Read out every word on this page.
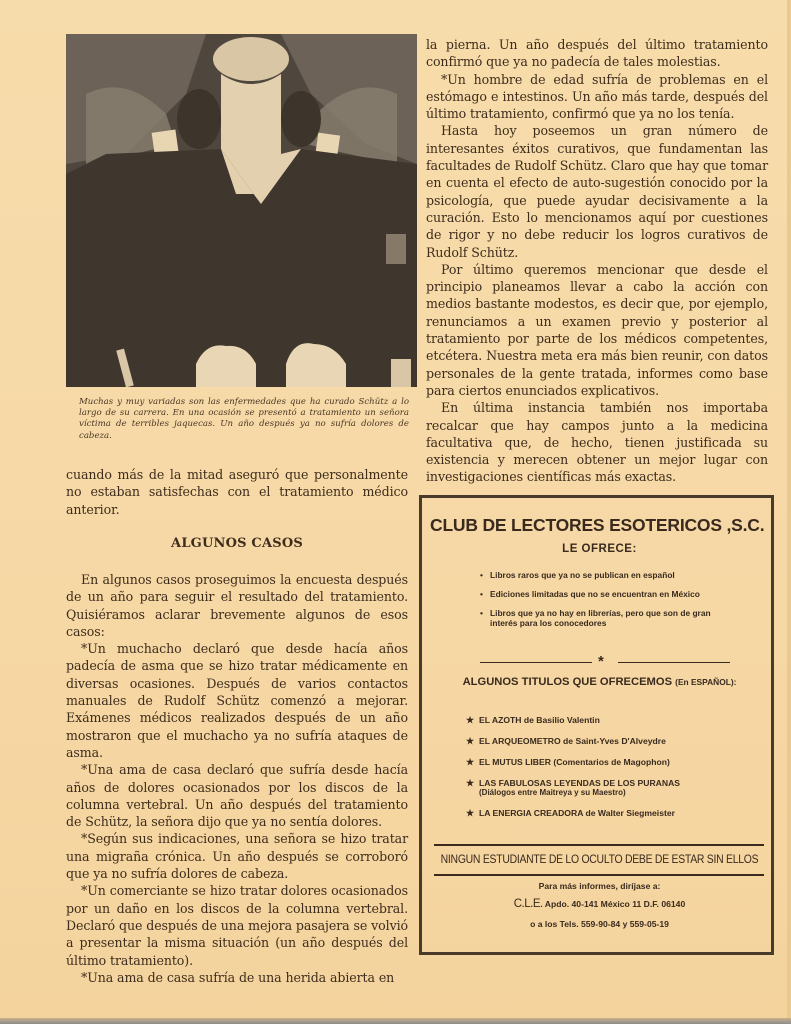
Muchas y muy variadas son las enfermedades que ha curado Schütz a lo largo de su carrera. En una ocasión se presentó a tratamiento un señora víctima de terribles jaquecas. Un año después ya no sufría dolores de cabeza.

la pierna. Un año después del último tratamiento confirmó que ya no padecía de tales molestias.

*Un hombre de edad sufría de problemas en el estómago e intestinos. Un año más tarde, después del último tratamiento, confirmó que ya no los tenía.

Hasta hoy poseemos un gran número de interesantes éxitos curativos, que fundamentan las facultades de Rudolf Schütz. Claro que hay que tomar en cuenta el efecto de auto-sugestión conocido por la psicología, que puede ayudar decisivamente a la curación. Esto lo mencionamos aquí por cuestiones de rigor y no debe reducir los logros curativos de Rudolf Schütz.

Por último queremos mencionar que desde el principio planeamos llevar a cabo la acción con medios bastante modestos, es decir que, por ejemplo, renunciamos a un examen previo y posterior al tratamiento por parte de los médicos competentes, etcétera. Nuestra meta era más bien reunir, con datos personales de la gente tratada, informes como base para ciertos enunciados explicativos.

En última instancia también nos importaba recalcar que hay campos junto a la medicina facultativa que, de hecho, tienen justificada su existencia y merecen obtener un mejor lugar con investigaciones científicas más exactas.

cuando más de la mitad aseguró que personalmente no estaban satisfechas con el tratamiento médico anterior.

ALGUNOS CASOS

En algunos casos proseguimos la encuesta después de un año para seguir el resultado del tratamiento. Quisiéramos aclarar brevemente algunos de esos casos:

*Un muchacho declaró que desde hacía años padecía de asma que se hizo tratar médicamente en diversas ocasiones. Después de varios contactos manuales de Rudolf Schütz comenzó a mejorar. Exámenes médicos realizados después de un año mostraron que el muchacho ya no sufría ataques de asma.

*Una ama de casa declaró que sufría desde hacía años de dolores ocasionados por los discos de la columna vertebral. Un año después del tratamiento de Schütz, la señora dijo que ya no sentía dolores.

*Según sus indicaciones, una señora se hizo tratar una migraña crónica. Un año después se corroboró que ya no sufría dolores de cabeza.

*Un comerciante se hizo tratar dolores ocasionados por un daño en los discos de la columna vertebral. Declaró que después de una mejora pasajera se volvió a presentar la misma situación (un año después del último tratamiento).

*Una ama de casa sufría de una herida abierta en

CLUB DE LECTORES ESOTERICOS ,S.C.
LE OFRECE:
• Libros raros que ya no se publican en español
• Ediciones limitadas que no se encuentran en México
• Libros que ya no hay en librerías, pero que son de gran interés para los conocedores
*
ALGUNOS TITULOS QUE OFRECEMOS (En ESPAÑOL):
★ EL AZOTH de Basilio Valentin
★ EL ARQUEOMETRO de Saint-Yves D'Alveydre
★ EL MUTUS LIBER (Comentarios de Magophon)
★ LAS FABULOSAS LEYENDAS DE LOS PURANAS
(Diálogos entre Maitreya y su Maestro)
★ LA ENERGIA CREADORA de Walter Siegmeister
NINGUN ESTUDIANTE DE LO OCULTO DEBE DE ESTAR SIN ELLOS
Para más informes, diríjase a:
C.L.E. Apdo. 40-141 México 11 D.F. 06140
o a los Tels. 559-90-84 y 559-05-19
